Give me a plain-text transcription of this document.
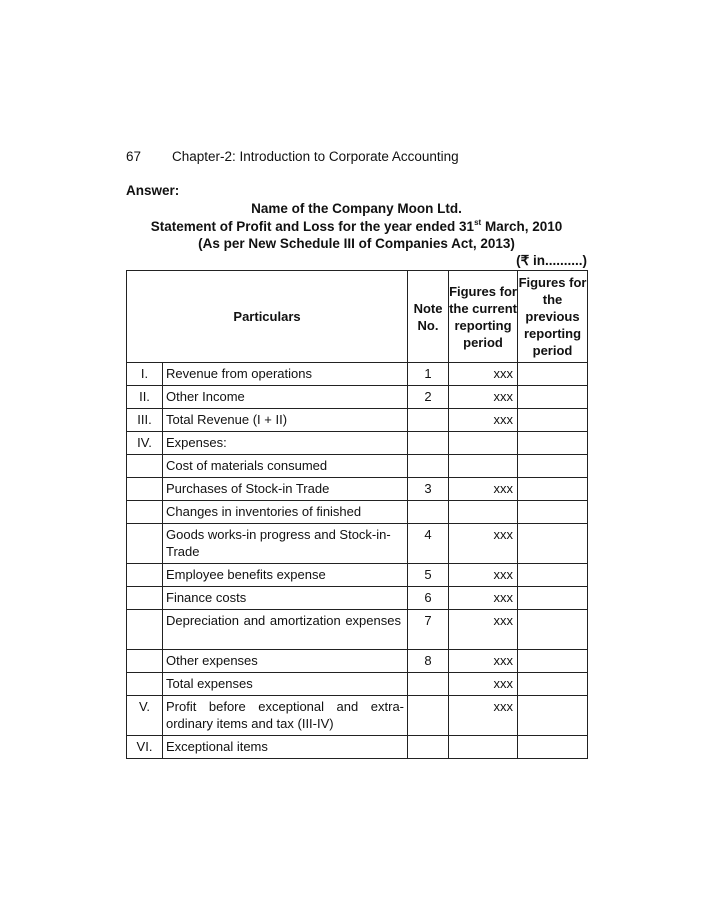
67 Chapter-2: Introduction to Corporate Accounting
Answer:
Name of the Company Moon Ltd.
Statement of Profit and Loss for the year ended 31st March, 2010
(As per New Schedule III of Companies Act, 2013)
(₹ in..........)
Particulars		Note No.	Figures for the current reporting period	Figures for the previous reporting period
I.	Revenue from operations	1	xxx	
II.	Other Income	2	xxx	
III.	Total Revenue (I + II)		xxx	
IV.	Expenses:			
	Cost of materials consumed			
	Purchases of Stock-in Trade	3	xxx	
	Changes in inventories of finished			
	Goods works-in progress and Stock-in-Trade	4	xxx	
	Employee benefits expense	5	xxx	
	Finance costs	6	xxx	
	Depreciation and amortization expenses	7	xxx	
	Other expenses	8	xxx	
	Total expenses		xxx	
V.	Profit before exceptional and extra-ordinary items and tax (III-IV)		xxx	
VI.	Exceptional items			
